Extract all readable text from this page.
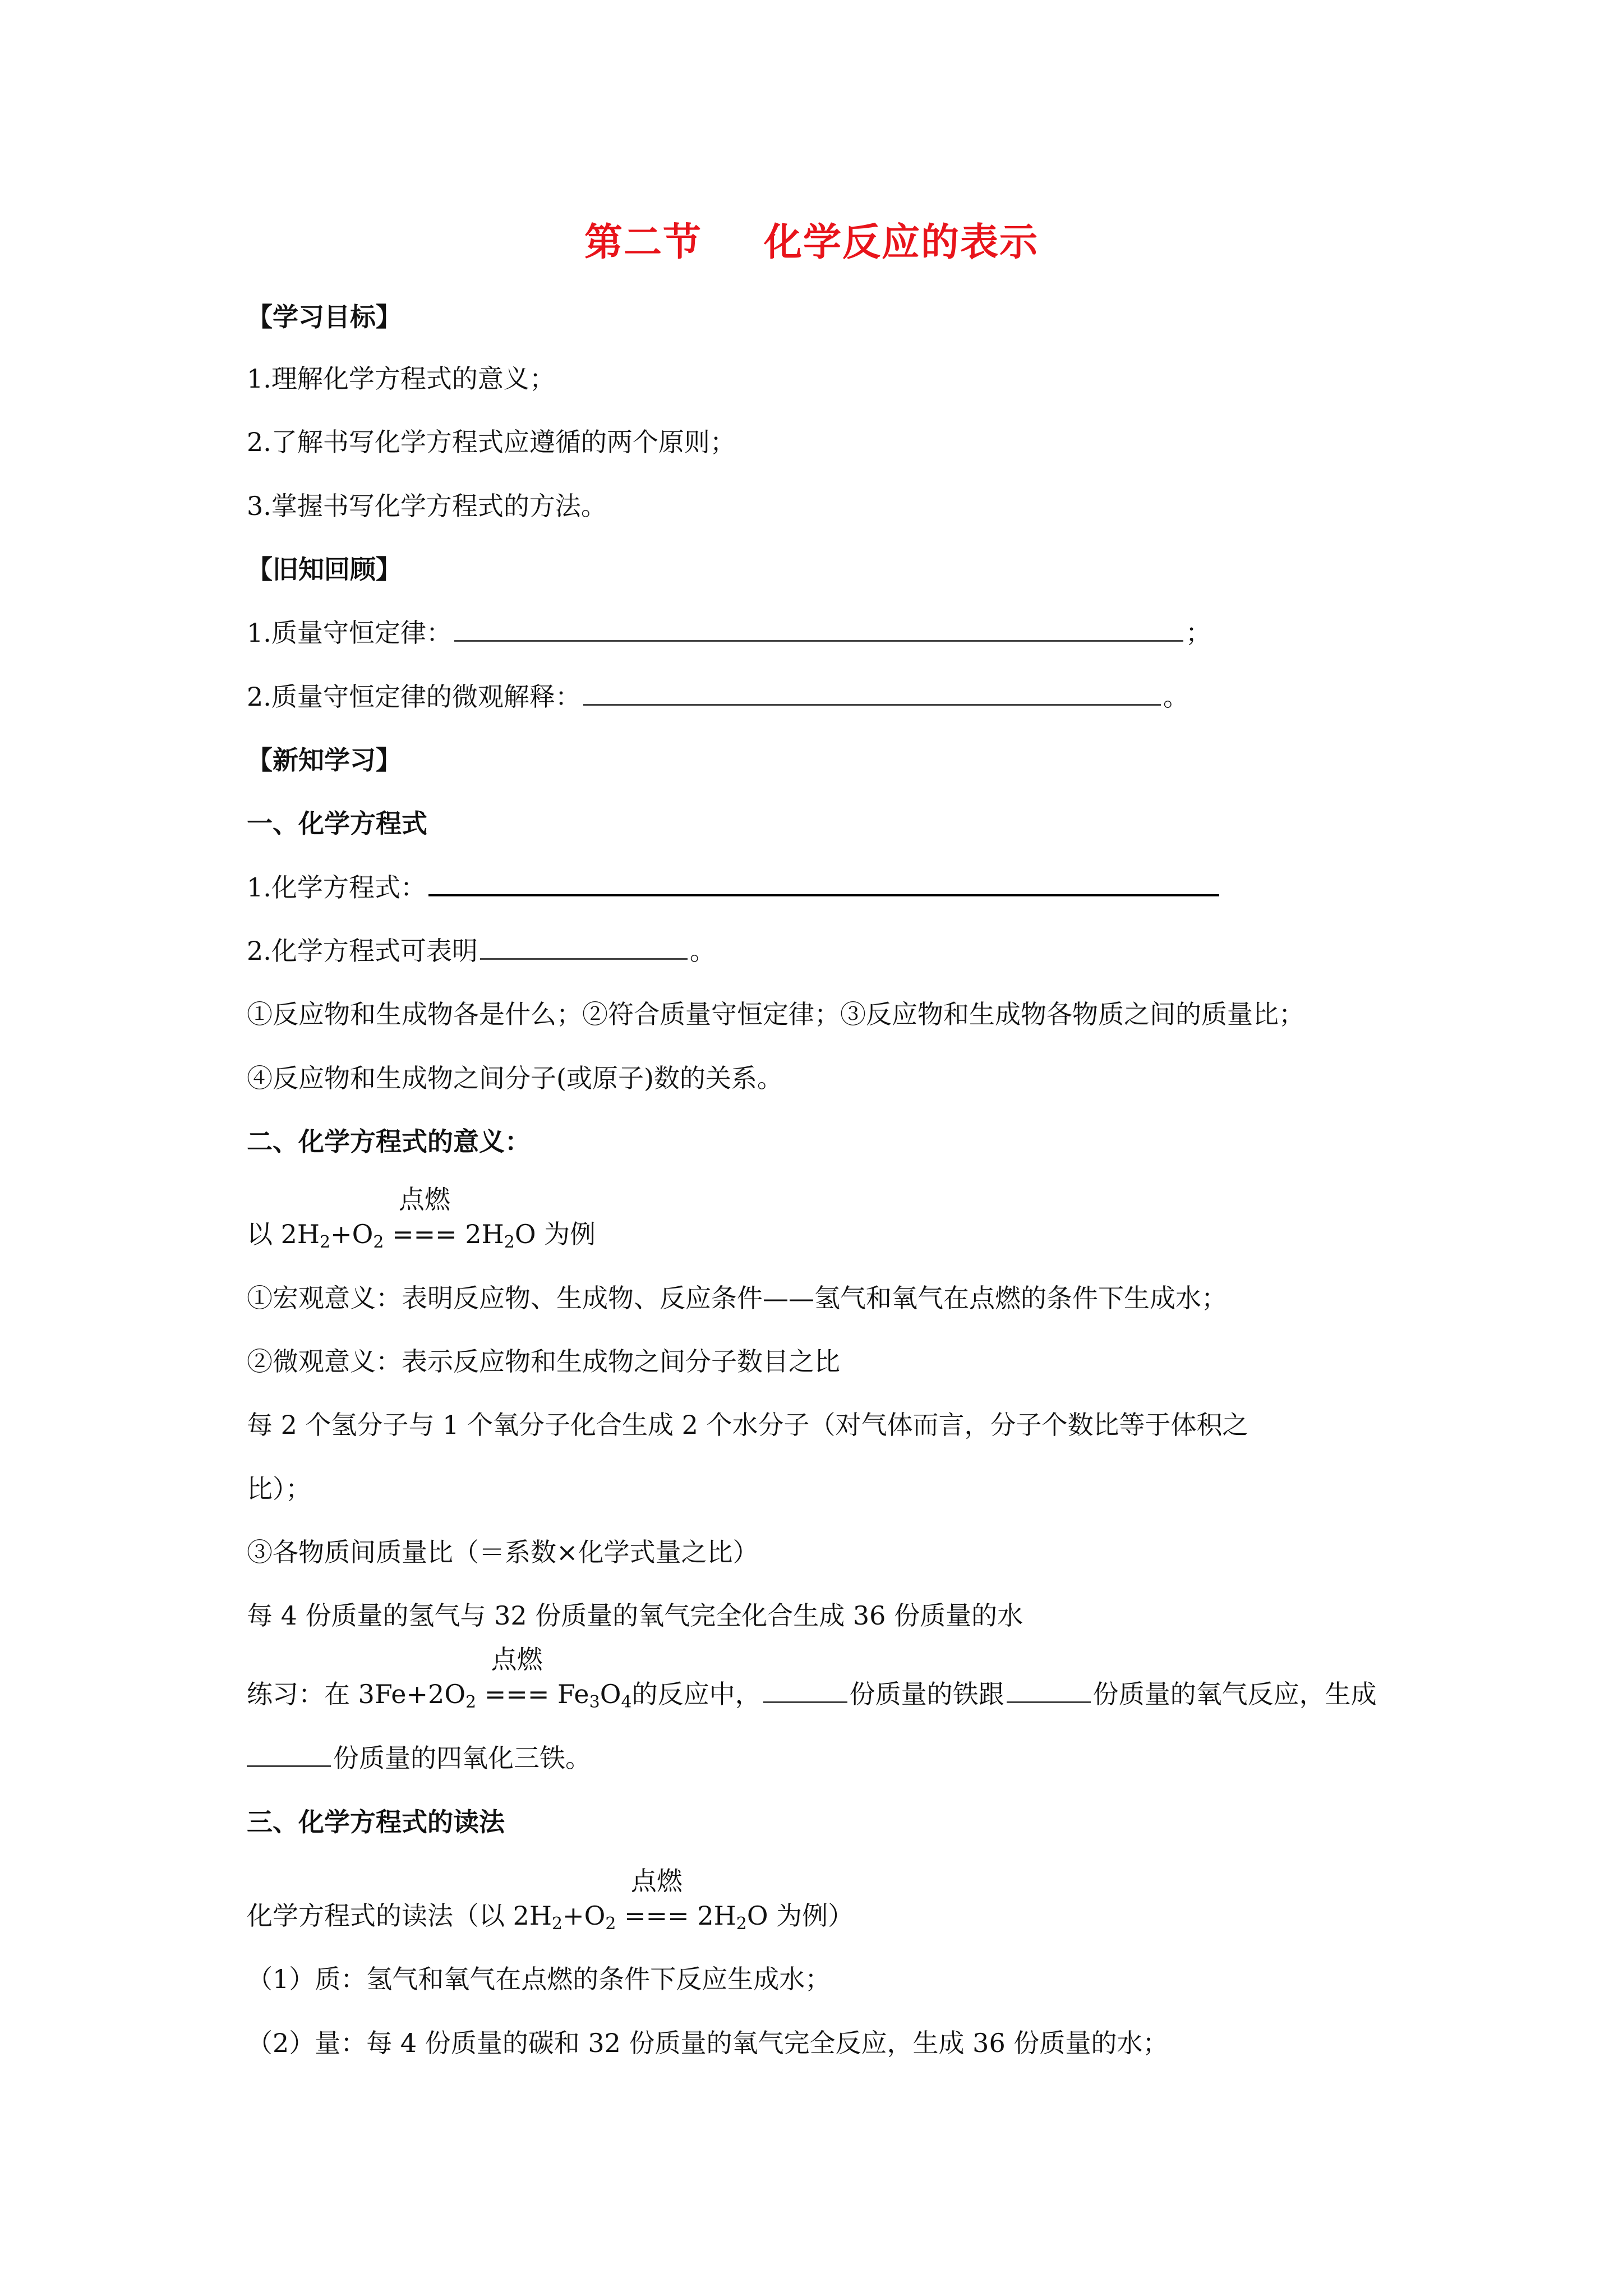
第二节 化学反应的表示
【学习目标】
1.理解化学方程式的意义；
2.了解书写化学方程式应遵循的两个原则；
3.掌握书写化学方程式的方法。
【旧知回顾】
1.质量守恒定律：	；
2.质量守恒定律的微观解释：	。
【新知学习】
一、化学方程式
1.化学方程式：
2.化学方程式可表明	。
①反应物和生成物各是什么；②符合质量守恒定律；③反应物和生成物各物质之间的质量比；
④反应物和生成物之间分子(或原子)数的关系。
二、化学方程式的意义：
以 $2H_2+O_2$
点燃
=== $2H_2O$ 为例
①宏观意义：表明反应物、生成物、反应条件——氢气和氧气在点燃的条件下生成水；
②微观意义：表示反应物和生成物之间分子数目之比
每 2 个氢分子与 1 个氧分子化合生成 2 个水分子（对气体而言，分子个数比等于体积之
比）；
③各物质间质量比（＝系数×化学式量之比）
每 4 份质量的氢气与 32 份质量的氧气完全化合生成 36 份质量的水
练习：在 $3Fe+2O_2$
点燃
=== $Fe_3O_4$的反应中，	份质量的铁跟	份质量的氧气反应，生成
份质量的四氧化三铁。
三、化学方程式的读法
化学方程式的读法（以 $2H_2+O_2$
点燃
=== $2H_2O$ 为例）
（1）质：氢气和氧气在点燃的条件下反应生成水；
（2）量：每 4 份质量的碳和 32 份质量的氧气完全反应，生成 36 份质量的水；
